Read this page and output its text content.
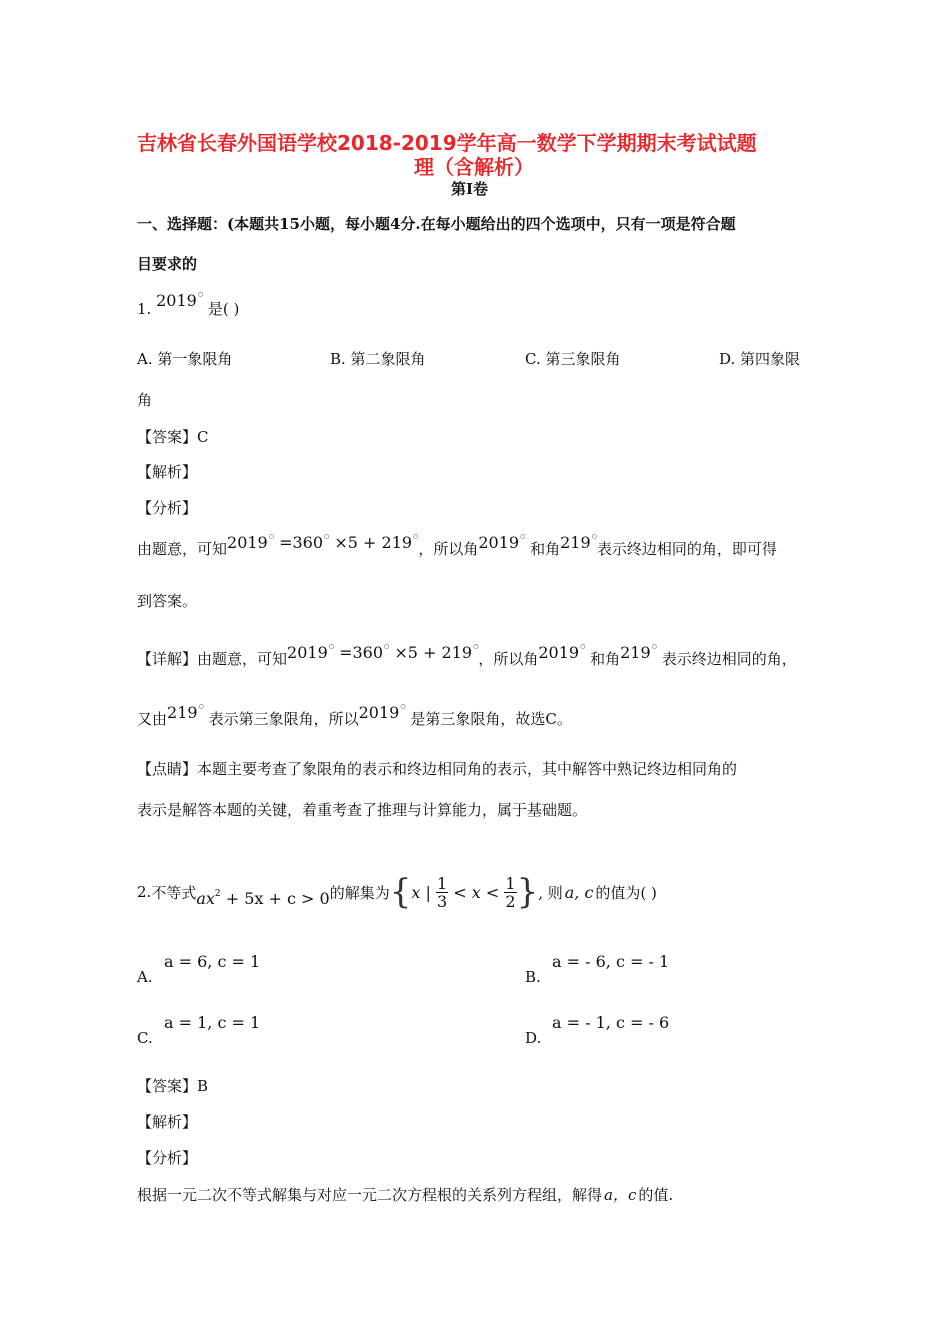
吉林省长春外国语学校2018-2019学年高一数学下学期期末考试试题
理（含解析）
第Ⅰ卷
一、选择题：(本题共15小题，每小题4分.在每小题给出的四个选项中，只有一项是符合题
目要求的
1. 2019○ 是( )
A. 第一象限角	B. 第二象限角	C. 第三象限角	D. 第四象限
角
【答案】C
【解析】
【分析】
由题意，可知2019○ =360○ ×5 + 219○，所以角2019○ 和角219○表示终边相同的角，即可得
到答案。
【详解】由题意，可知2019○ =360○ ×5 + 219○，所以角2019○ 和角219○ 表示终边相同的角，
又由219○ 表示第三象限角，所以2019○ 是第三象限角，故选C。
【点睛】本题主要考查了象限角的表示和终边相同角的表示，其中解答中熟记终边相同角的
表示是解答本题的关键，着重考查了推理与计算能力，属于基础题。
2. 不等式 $ax^2 + 5x + c > 0$ 的解集为 { x
|
$\frac{1}{3}$
<
x
<
$\frac{1}{2}$ } , 则 a, c 的值为( )
A.
a = 6, c = 1
B.
a = - 6, c = - 1
C.
a = 1, c = 1
D.
a = - 1, c = - 6
【答案】B
【解析】
【分析】
根据一元二次不等式解集与对应一元二次方程根的关系列方程组，解得 a，c 的值.
